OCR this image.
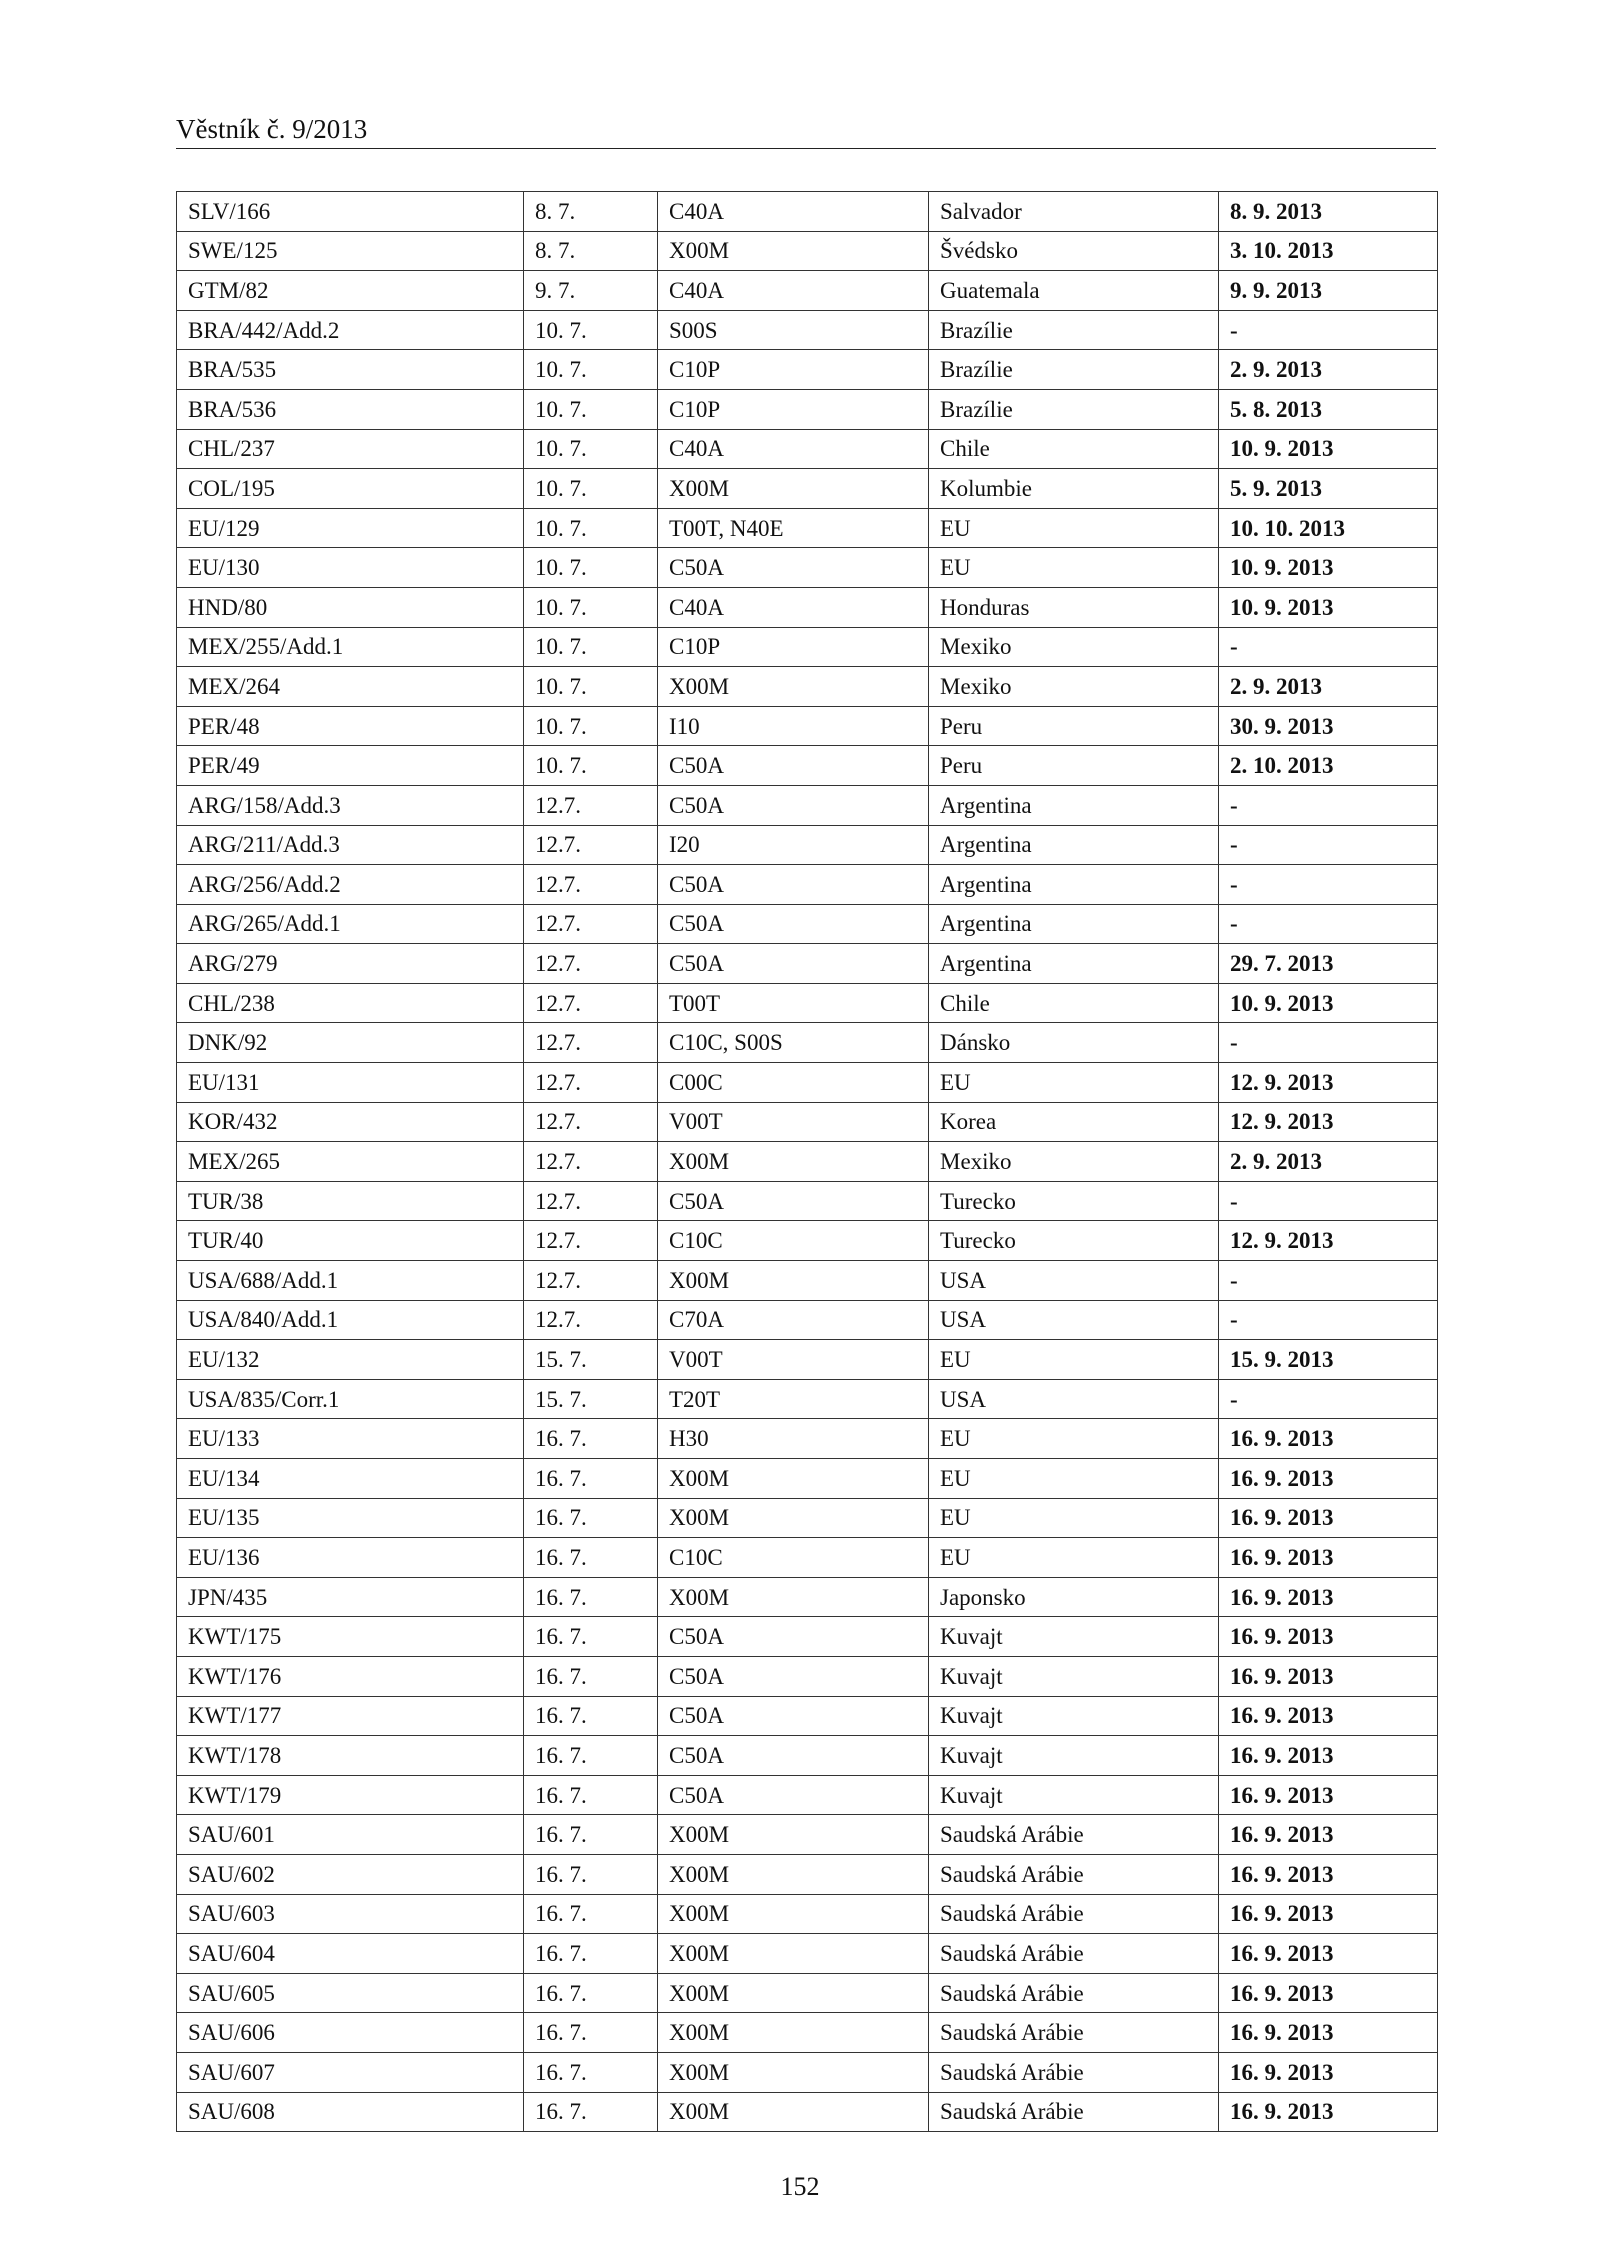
Věstník č. 9/2013
SLV/166	8. 7.	C40A	Salvador	8. 9. 2013
SWE/125	8. 7.	X00M	Švédsko	3. 10. 2013
GTM/82	9. 7.	C40A	Guatemala	9. 9. 2013
BRA/442/Add.2	10. 7.	S00S	Brazílie	-
BRA/535	10. 7.	C10P	Brazílie	2. 9. 2013
BRA/536	10. 7.	C10P	Brazílie	5. 8. 2013
CHL/237	10. 7.	C40A	Chile	10. 9. 2013
COL/195	10. 7.	X00M	Kolumbie	5. 9. 2013
EU/129	10. 7.	T00T, N40E	EU	10. 10. 2013
EU/130	10. 7.	C50A	EU	10. 9. 2013
HND/80	10. 7.	C40A	Honduras	10. 9. 2013
MEX/255/Add.1	10. 7.	C10P	Mexiko	-
MEX/264	10. 7.	X00M	Mexiko	2. 9. 2013
PER/48	10. 7.	I10	Peru	30. 9. 2013
PER/49	10. 7.	C50A	Peru	2. 10. 2013
ARG/158/Add.3	12.7.	C50A	Argentina	-
ARG/211/Add.3	12.7.	I20	Argentina	-
ARG/256/Add.2	12.7.	C50A	Argentina	-
ARG/265/Add.1	12.7.	C50A	Argentina	-
ARG/279	12.7.	C50A	Argentina	29. 7. 2013
CHL/238	12.7.	T00T	Chile	10. 9. 2013
DNK/92	12.7.	C10C, S00S	Dánsko	-
EU/131	12.7.	C00C	EU	12. 9. 2013
KOR/432	12.7.	V00T	Korea	12. 9. 2013
MEX/265	12.7.	X00M	Mexiko	2. 9. 2013
TUR/38	12.7.	C50A	Turecko	-
TUR/40	12.7.	C10C	Turecko	12. 9. 2013
USA/688/Add.1	12.7.	X00M	USA	-
USA/840/Add.1	12.7.	C70A	USA	-
EU/132	15. 7.	V00T	EU	15. 9. 2013
USA/835/Corr.1	15. 7.	T20T	USA	-
EU/133	16. 7.	H30	EU	16. 9. 2013
EU/134	16. 7.	X00M	EU	16. 9. 2013
EU/135	16. 7.	X00M	EU	16. 9. 2013
EU/136	16. 7.	C10C	EU	16. 9. 2013
JPN/435	16. 7.	X00M	Japonsko	16. 9. 2013
KWT/175	16. 7.	C50A	Kuvajt	16. 9. 2013
KWT/176	16. 7.	C50A	Kuvajt	16. 9. 2013
KWT/177	16. 7.	C50A	Kuvajt	16. 9. 2013
KWT/178	16. 7.	C50A	Kuvajt	16. 9. 2013
KWT/179	16. 7.	C50A	Kuvajt	16. 9. 2013
SAU/601	16. 7.	X00M	Saudská Arábie	16. 9. 2013
SAU/602	16. 7.	X00M	Saudská Arábie	16. 9. 2013
SAU/603	16. 7.	X00M	Saudská Arábie	16. 9. 2013
SAU/604	16. 7.	X00M	Saudská Arábie	16. 9. 2013
SAU/605	16. 7.	X00M	Saudská Arábie	16. 9. 2013
SAU/606	16. 7.	X00M	Saudská Arábie	16. 9. 2013
SAU/607	16. 7.	X00M	Saudská Arábie	16. 9. 2013
SAU/608	16. 7.	X00M	Saudská Arábie	16. 9. 2013
152
